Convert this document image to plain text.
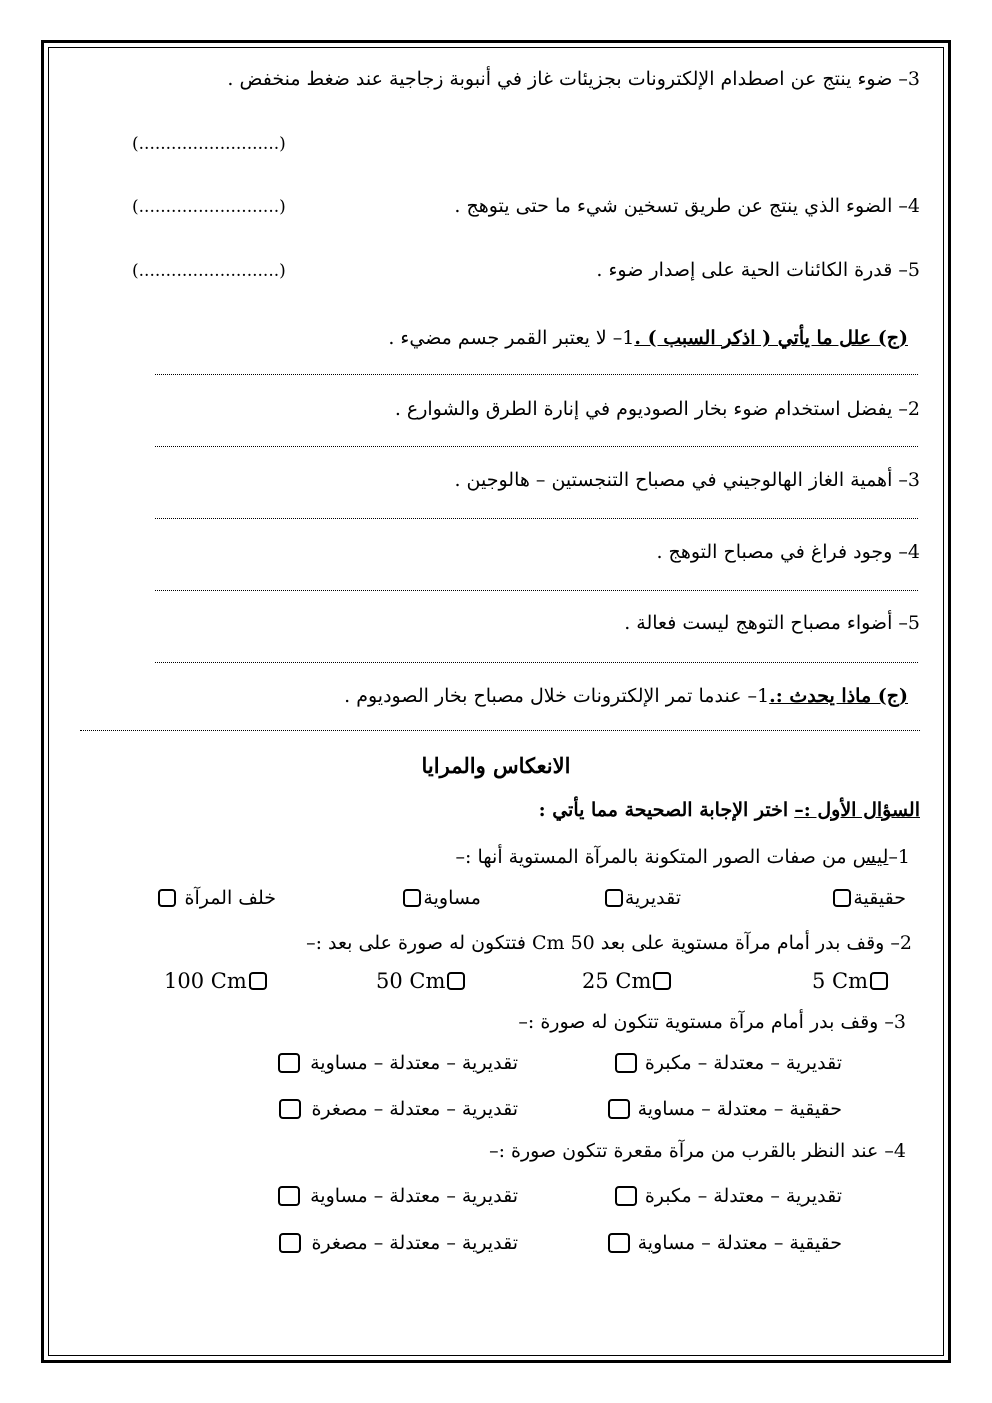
3– ضوء ينتج عن اصطدام الإلكترونات بجزيئات غاز في أنبوبة زجاجية عند ضغط منخفض .
(..........................)
4– الضوء الذي ينتج عن طريق تسخين شيء ما حتى يتوهج .
(..........................)
5– قدرة الكائنات الحية على إصدار ضوء .
(..........................)
(ج) علل ما يأتي ( اذكر السبب ) .1– لا يعتبر القمر جسم مضيء .
2– يفضل استخدام ضوء بخار الصوديوم في إنارة الطرق والشوارع .
3– أهمية الغاز الهالوجيني في مصباح التنجستين – هالوجين .
4– وجود فراغ في مصباح التوهج .
5– أضواء مصباح التوهج ليست فعالة .
(ج) ماذا يحدث :.1– عندما تمر الإلكترونات خلال مصباح بخار الصوديوم .
الانعكاس والمرايا
السؤال الأول :– اختر الإجابة الصحيحة مما يأتي :
1–ليس من صفات الصور المتكونة بالمرآة المستوية أنها :–
حقيقية
تقديرية
مساوية
خلف المرآة
2– وقف بدر أمام مرآة مستوية على بعد 50 Cm فتتكون له صورة على بعد :–
5 Cm
25 Cm
50 Cm
100 Cm
3– وقف بدر أمام مرآة مستوية تتكون له صورة :–
تقديرية – معتدلة – مكبرة
تقديرية – معتدلة – مساوية
حقيقية – معتدلة – مساوية
تقديرية – معتدلة – مصغرة
4– عند النظر بالقرب من مرآة مقعرة تتكون صورة :–
تقديرية – معتدلة – مكبرة
تقديرية – معتدلة – مساوية
حقيقية – معتدلة – مساوية
تقديرية – معتدلة – مصغرة
